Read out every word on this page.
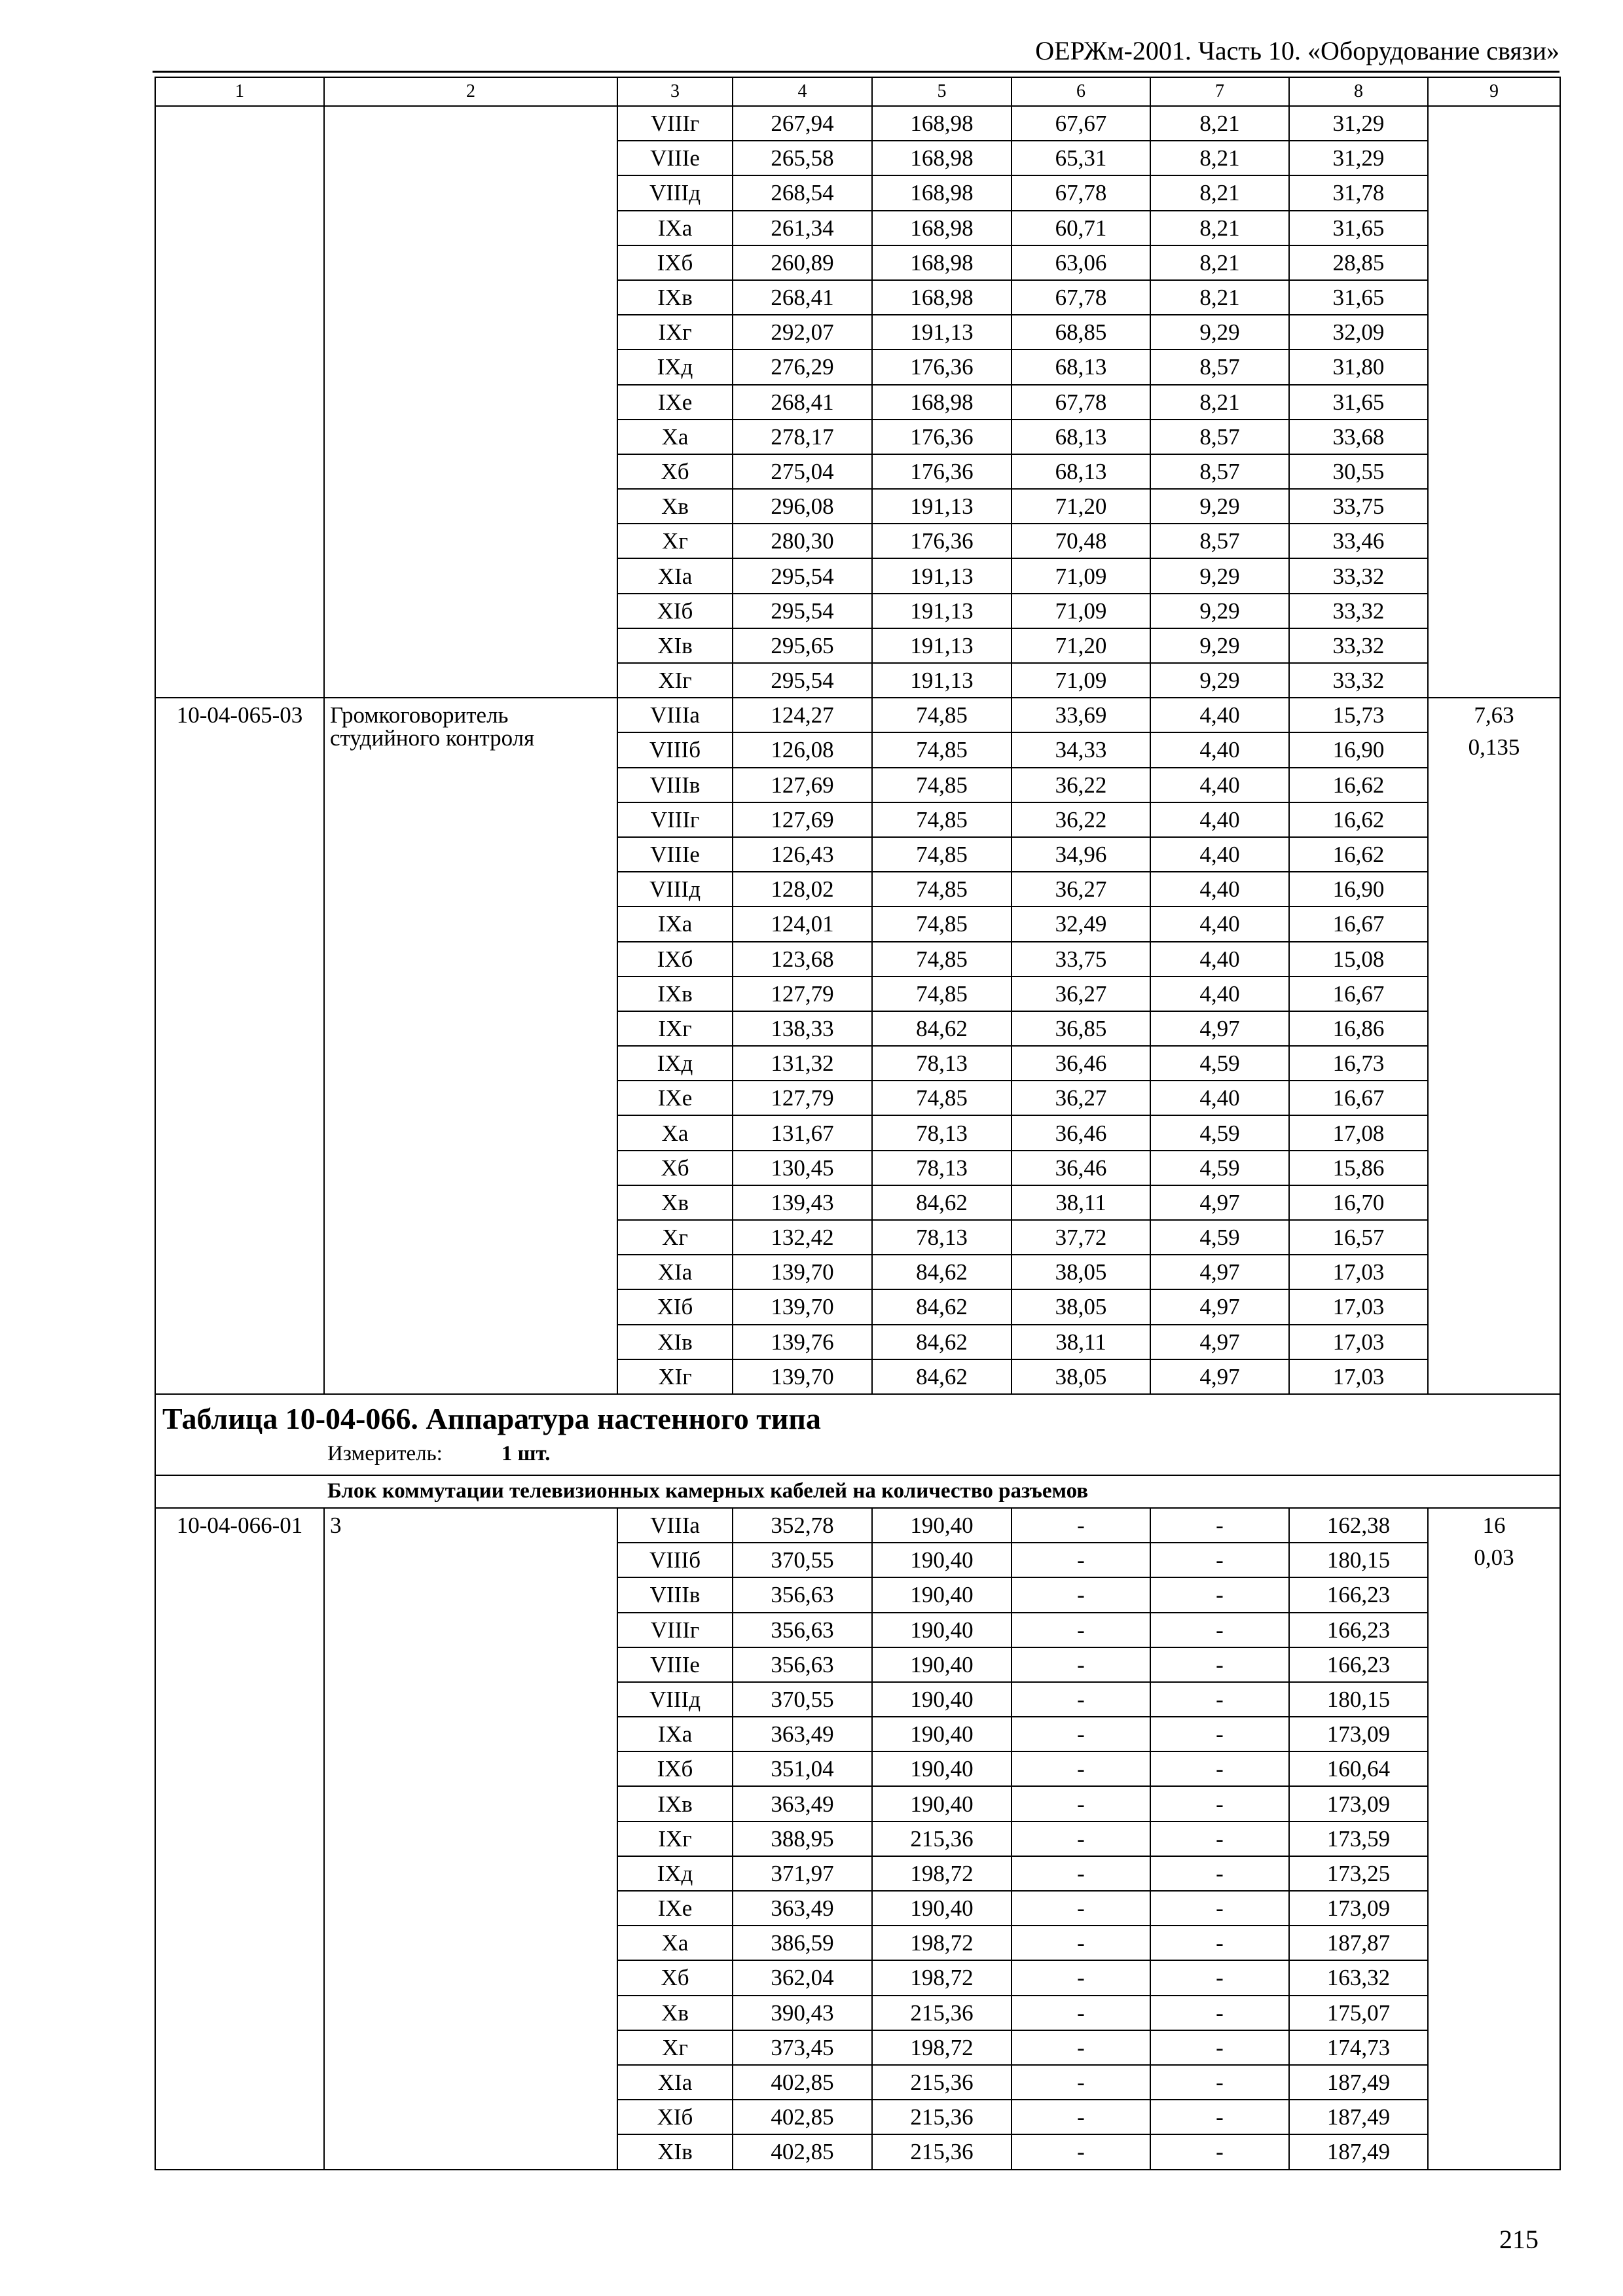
ОЕРЖм-2001. Часть 10. «Оборудование связи»
1	2	3	4	5	6	7	8	9
		VIIIг	267,94	168,98	67,67	8,21	31,29	
		VIIIе	265,58	168,98	65,31	8,21	31,29	
		VIIIд	268,54	168,98	67,78	8,21	31,78	
		IXа	261,34	168,98	60,71	8,21	31,65	
		IXб	260,89	168,98	63,06	8,21	28,85	
		IXв	268,41	168,98	67,78	8,21	31,65	
		IXг	292,07	191,13	68,85	9,29	32,09	
		IXд	276,29	176,36	68,13	8,57	31,80	
		IXе	268,41	168,98	67,78	8,21	31,65	
		Xа	278,17	176,36	68,13	8,57	33,68	
		Xб	275,04	176,36	68,13	8,57	30,55	
		Xв	296,08	191,13	71,20	9,29	33,75	
		Xг	280,30	176,36	70,48	8,57	33,46	
		XIа	295,54	191,13	71,09	9,29	33,32	
		XIб	295,54	191,13	71,09	9,29	33,32	
		XIв	295,65	191,13	71,20	9,29	33,32	
		XIг	295,54	191,13	71,09	9,29	33,32	
10-04-065-03	Громкоговоритель студийного контроля	VIIIа	124,27	74,85	33,69	4,40	15,73	7,63
0,135

		VIIIб	126,08	74,85	34,33	4,40	16,90	
		VIIIв	127,69	74,85	36,22	4,40	16,62	
		VIIIг	127,69	74,85	36,22	4,40	16,62	
		VIIIе	126,43	74,85	34,96	4,40	16,62	
		VIIIд	128,02	74,85	36,27	4,40	16,90	
		IXа	124,01	74,85	32,49	4,40	16,67	
		IXб	123,68	74,85	33,75	4,40	15,08	
		IXв	127,79	74,85	36,27	4,40	16,67	
		IXг	138,33	84,62	36,85	4,97	16,86	
		IXд	131,32	78,13	36,46	4,59	16,73	
		IXе	127,79	74,85	36,27	4,40	16,67	
		Xа	131,67	78,13	36,46	4,59	17,08	
		Xб	130,45	78,13	36,46	4,59	15,86	
		Xв	139,43	84,62	38,11	4,97	16,70	
		Xг	132,42	78,13	37,72	4,59	16,57	
		XIа	139,70	84,62	38,05	4,97	17,03	
		XIб	139,70	84,62	38,05	4,97	17,03	
		XIв	139,76	84,62	38,11	4,97	17,03	
		XIг	139,70	84,62	38,05	4,97	17,03	

Таблица 10-04-066. Аппаратура настенного типа
Измеритель: 1 шт.								

Блок коммутации телевизионных камерных кабелей на количество разъемов								
10-04-066-01	3	VIIIа	352,78	190,40	-	-	162,38	16
0,03

		VIIIб	370,55	190,40	-	-	180,15	
		VIIIв	356,63	190,40	-	-	166,23	
		VIIIг	356,63	190,40	-	-	166,23	
		VIIIе	356,63	190,40	-	-	166,23	
		VIIIд	370,55	190,40	-	-	180,15	
		IXа	363,49	190,40	-	-	173,09	
		IXб	351,04	190,40	-	-	160,64	
		IXв	363,49	190,40	-	-	173,09	
		IXг	388,95	215,36	-	-	173,59	
		IXд	371,97	198,72	-	-	173,25	
		IXе	363,49	190,40	-	-	173,09	
		Xа	386,59	198,72	-	-	187,87	
		Xб	362,04	198,72	-	-	163,32	
		Xв	390,43	215,36	-	-	175,07	
		Xг	373,45	198,72	-	-	174,73	
		XIа	402,85	215,36	-	-	187,49	
		XIб	402,85	215,36	-	-	187,49	
		XIв	402,85	215,36	-	-	187,49	
215
